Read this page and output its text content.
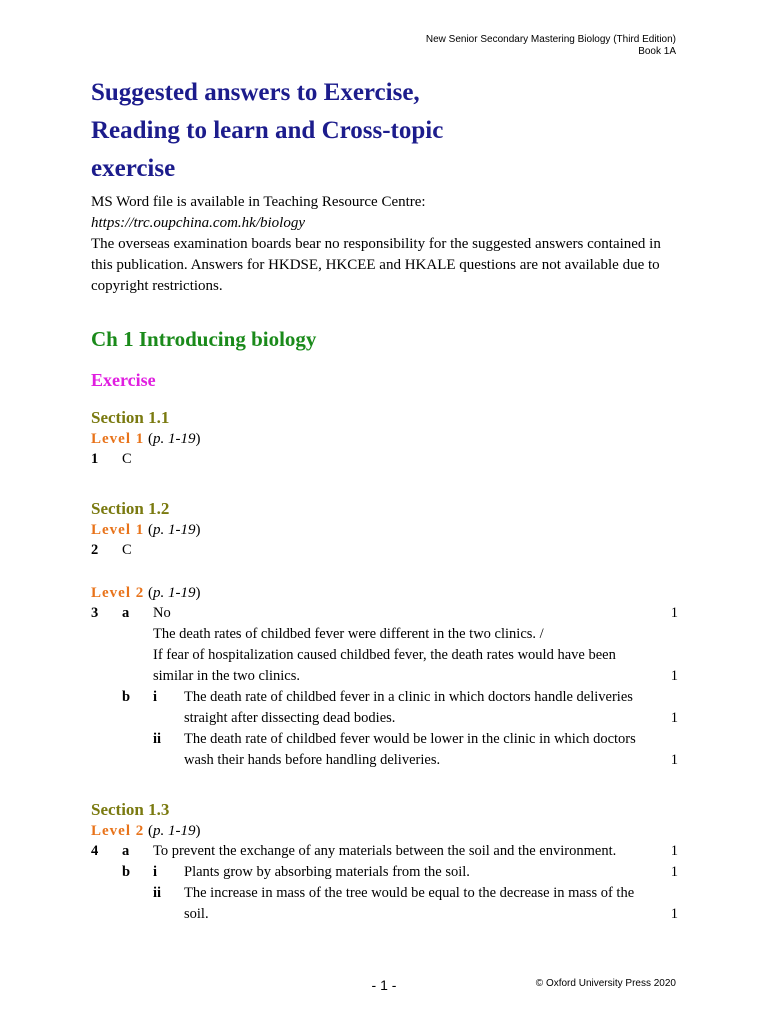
New Senior Secondary Mastering Biology (Third Edition)
Book 1A
Suggested answers to Exercise,
Reading to learn and Cross-topic
exercise

MS Word file is available in Teaching Resource Centre:

https://trc.oupchina.com.hk/biology

The overseas examination boards bear no responsibility for the suggested answers contained in this publication. Answers for HKDSE, HKCEE and HKALE questions are not available due to copyright restrictions.

Ch 1 Introducing biology
Exercise
Section 1.1

Level 1 (p. 1-19)

1 C
Section 1.2

Level 1 (p. 1-19)

2 C

Level 2 (p. 1-19)

3 a No	1
The death rates of childbed fever were different in the two clinics. /
If fear of hospitalization caused childbed fever, the death rates would have been similar in the two clinics.	1
b i The death rate of childbed fever in a clinic in which doctors handle deliveries straight after dissecting dead bodies.	1
ii The death rate of childbed fever would be lower in the clinic in which doctors wash their hands before handling deliveries.	1
Section 1.3

Level 2 (p. 1-19)

4 a To prevent the exchange of any materials between the soil and the environment.	1
b i Plants grow by absorbing materials from the soil.	1
ii The increase in mass of the tree would be equal to the decrease in mass of the soil.	1
- 1 -	© Oxford University Press 2020
